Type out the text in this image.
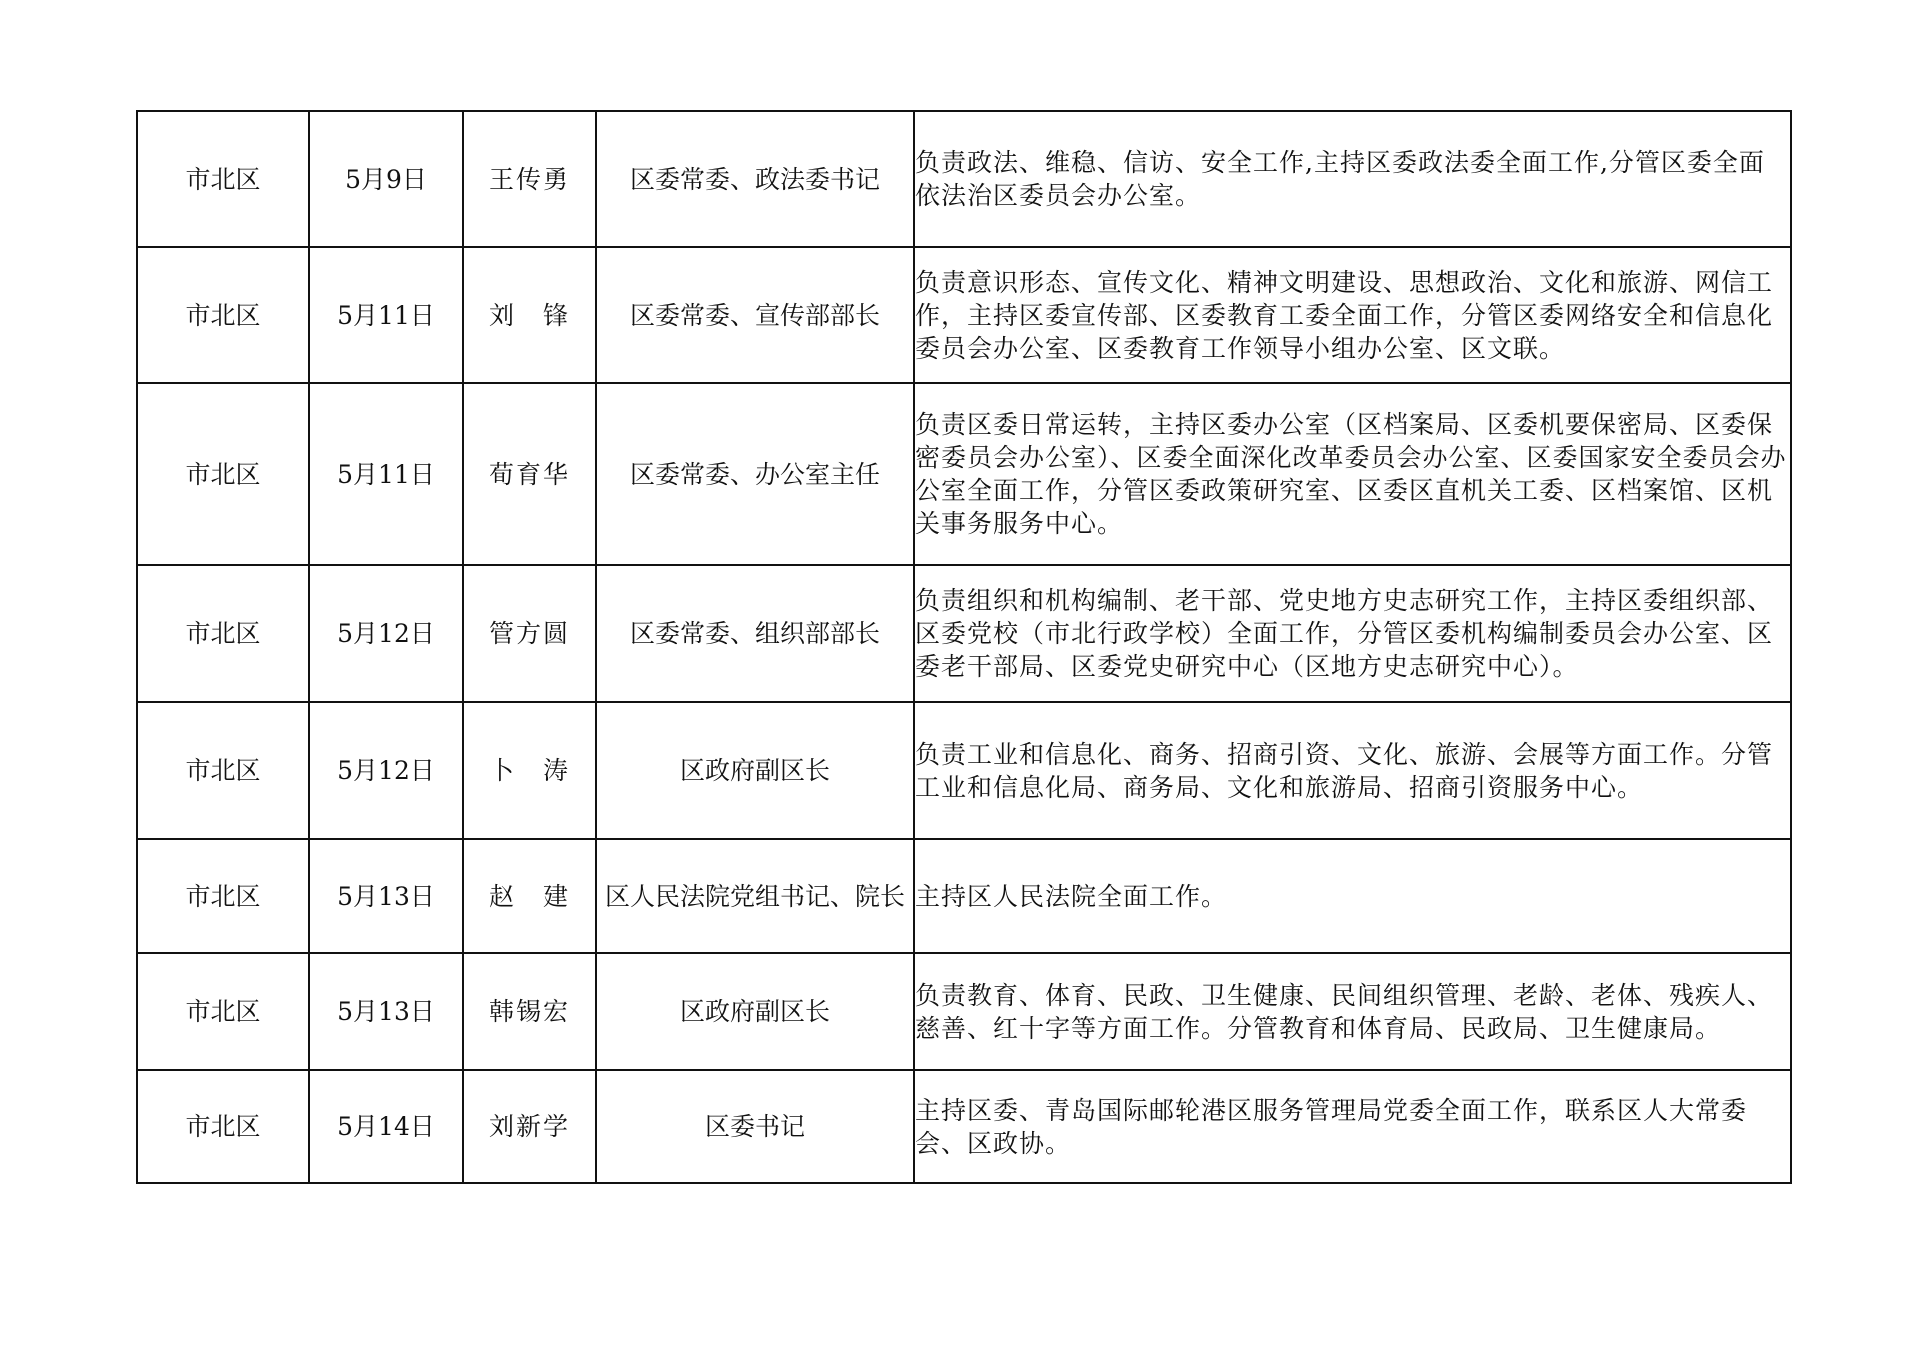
市北区	5月9日	王传勇	区委常委、政法委书记	负责政法、维稳、信访、安全工作,主持区委政法委全面工作,分管区委全面依法治区委员会办公室。
市北区	5月11日	刘　锋	区委常委、宣传部部长	负责意识形态、宣传文化、精神文明建设、思想政治、文化和旅游、网信工作，主持区委宣传部、区委教育工委全面工作，分管区委网络安全和信息化委员会办公室、区委教育工作领导小组办公室、区文联。
市北区	5月11日	荀育华	区委常委、办公室主任	负责区委日常运转，主持区委办公室（区档案局、区委机要保密局、区委保密委员会办公室）、区委全面深化改革委员会办公室、区委国家安全委员会办公室全面工作，分管区委政策研究室、区委区直机关工委、区档案馆、区机关事务服务中心。
市北区	5月12日	管方圆	区委常委、组织部部长	负责组织和机构编制、老干部、党史地方史志研究工作，主持区委组织部、区委党校（市北行政学校）全面工作，分管区委机构编制委员会办公室、区委老干部局、区委党史研究中心（区地方史志研究中心）。
市北区	5月12日	卜　涛	区政府副区长	负责工业和信息化、商务、招商引资、文化、旅游、会展等方面工作。分管工业和信息化局、商务局、文化和旅游局、招商引资服务中心。
市北区	5月13日	赵　建	区人民法院党组书记、院长	主持区人民法院全面工作。
市北区	5月13日	韩锡宏	区政府副区长	负责教育、体育、民政、卫生健康、民间组织管理、老龄、老体、残疾人、慈善、红十字等方面工作。分管教育和体育局、民政局、卫生健康局。
市北区	5月14日	刘新学	区委书记	主持区委、青岛国际邮轮港区服务管理局党委全面工作，联系区人大常委会、区政协。
